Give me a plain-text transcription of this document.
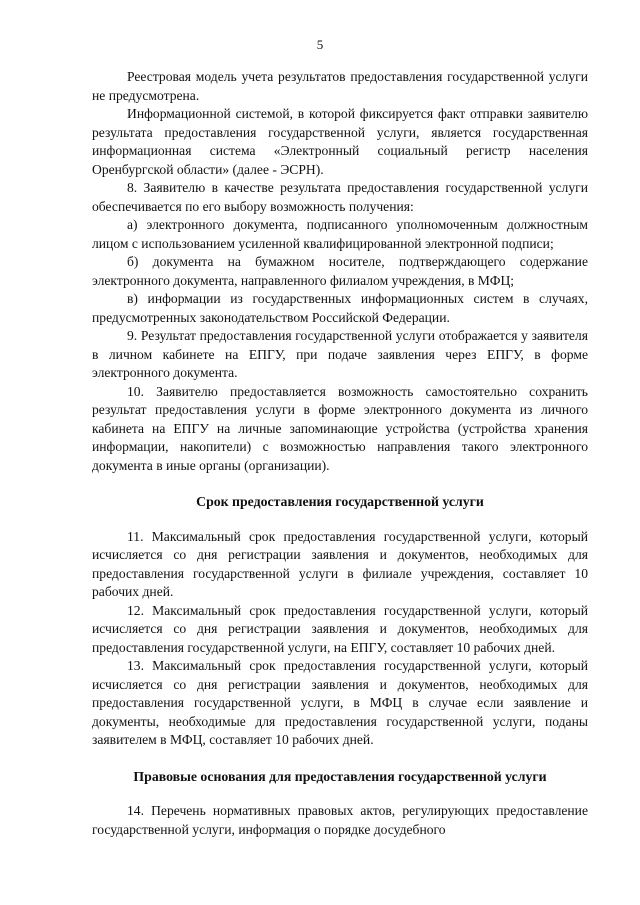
5

Реестровая модель учета результатов предоставления государственной услуги не предусмотрена.

Информационной системой, в которой фиксируется факт отправки заявителю результата предоставления государственной услуги, является государственная информационная система «Электронный социальный регистр населения Оренбургской области» (далее - ЭСРН).

8. Заявителю в качестве результата предоставления государственной услуги обеспечивается по его выбору возможность получения:

а) электронного документа, подписанного уполномоченным должностным лицом с использованием усиленной квалифицированной электронной подписи;

б) документа на бумажном носителе, подтверждающего содержание электронного документа, направленного филиалом учреждения, в МФЦ;

в) информации из государственных информационных систем в случаях, предусмотренных законодательством Российской Федерации.

9. Результат предоставления государственной услуги отображается у заявителя в личном кабинете на ЕПГУ, при подаче заявления через ЕПГУ, в форме электронного документа.

10. Заявителю предоставляется возможность самостоятельно сохранить результат предоставления услуги в форме электронного документа из личного кабинета на ЕПГУ на личные запоминающие устройства (устройства хранения информации, накопители) с возможностью направления такого электронного документа в иные органы (организации).

Срок предоставления государственной услуги

11. Максимальный срок предоставления государственной услуги, который исчисляется со дня регистрации заявления и документов, необходимых для предоставления государственной услуги в филиале учреждения, составляет 10 рабочих дней.

12. Максимальный срок предоставления государственной услуги, который исчисляется со дня регистрации заявления и документов, необходимых для предоставления государственной услуги, на ЕПГУ, составляет 10 рабочих дней.

13. Максимальный срок предоставления государственной услуги, который исчисляется со дня регистрации заявления и документов, необходимых для предоставления государственной услуги, в МФЦ в случае если заявление и документы, необходимые для предоставления государственной услуги, поданы заявителем в МФЦ, составляет 10 рабочих дней.

Правовые основания для предоставления государственной услуги

14. Перечень нормативных правовых актов, регулирующих предоставление государственной услуги, информация о порядке досудебного
